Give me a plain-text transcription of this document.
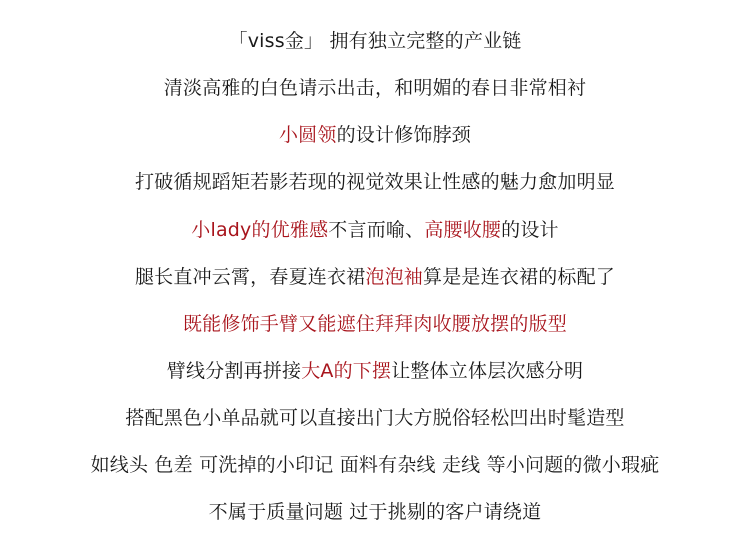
「viss金」 拥有独立完整的产业链
清淡高雅的白色请示出击，和明媚的春日非常相衬
小圆领的设计修饰脖颈
打破循规蹈矩若影若现的视觉效果让性感的魅力愈加明显
小lady的优雅感不言而喻、高腰收腰的设计
腿长直冲云霄，春夏连衣裙泡泡袖算是是连衣裙的标配了
既能修饰手臂又能遮住拜拜肉收腰放摆的版型
臂线分割再拼接大A的下摆让整体立体层次感分明
搭配黑色小单品就可以直接出门大方脱俗轻松凹出时髦造型
如线头 色差 可洗掉的小印记 面料有杂线 走线 等小问题的微小瑕疵
不属于质量问题 过于挑剔的客户请绕道
